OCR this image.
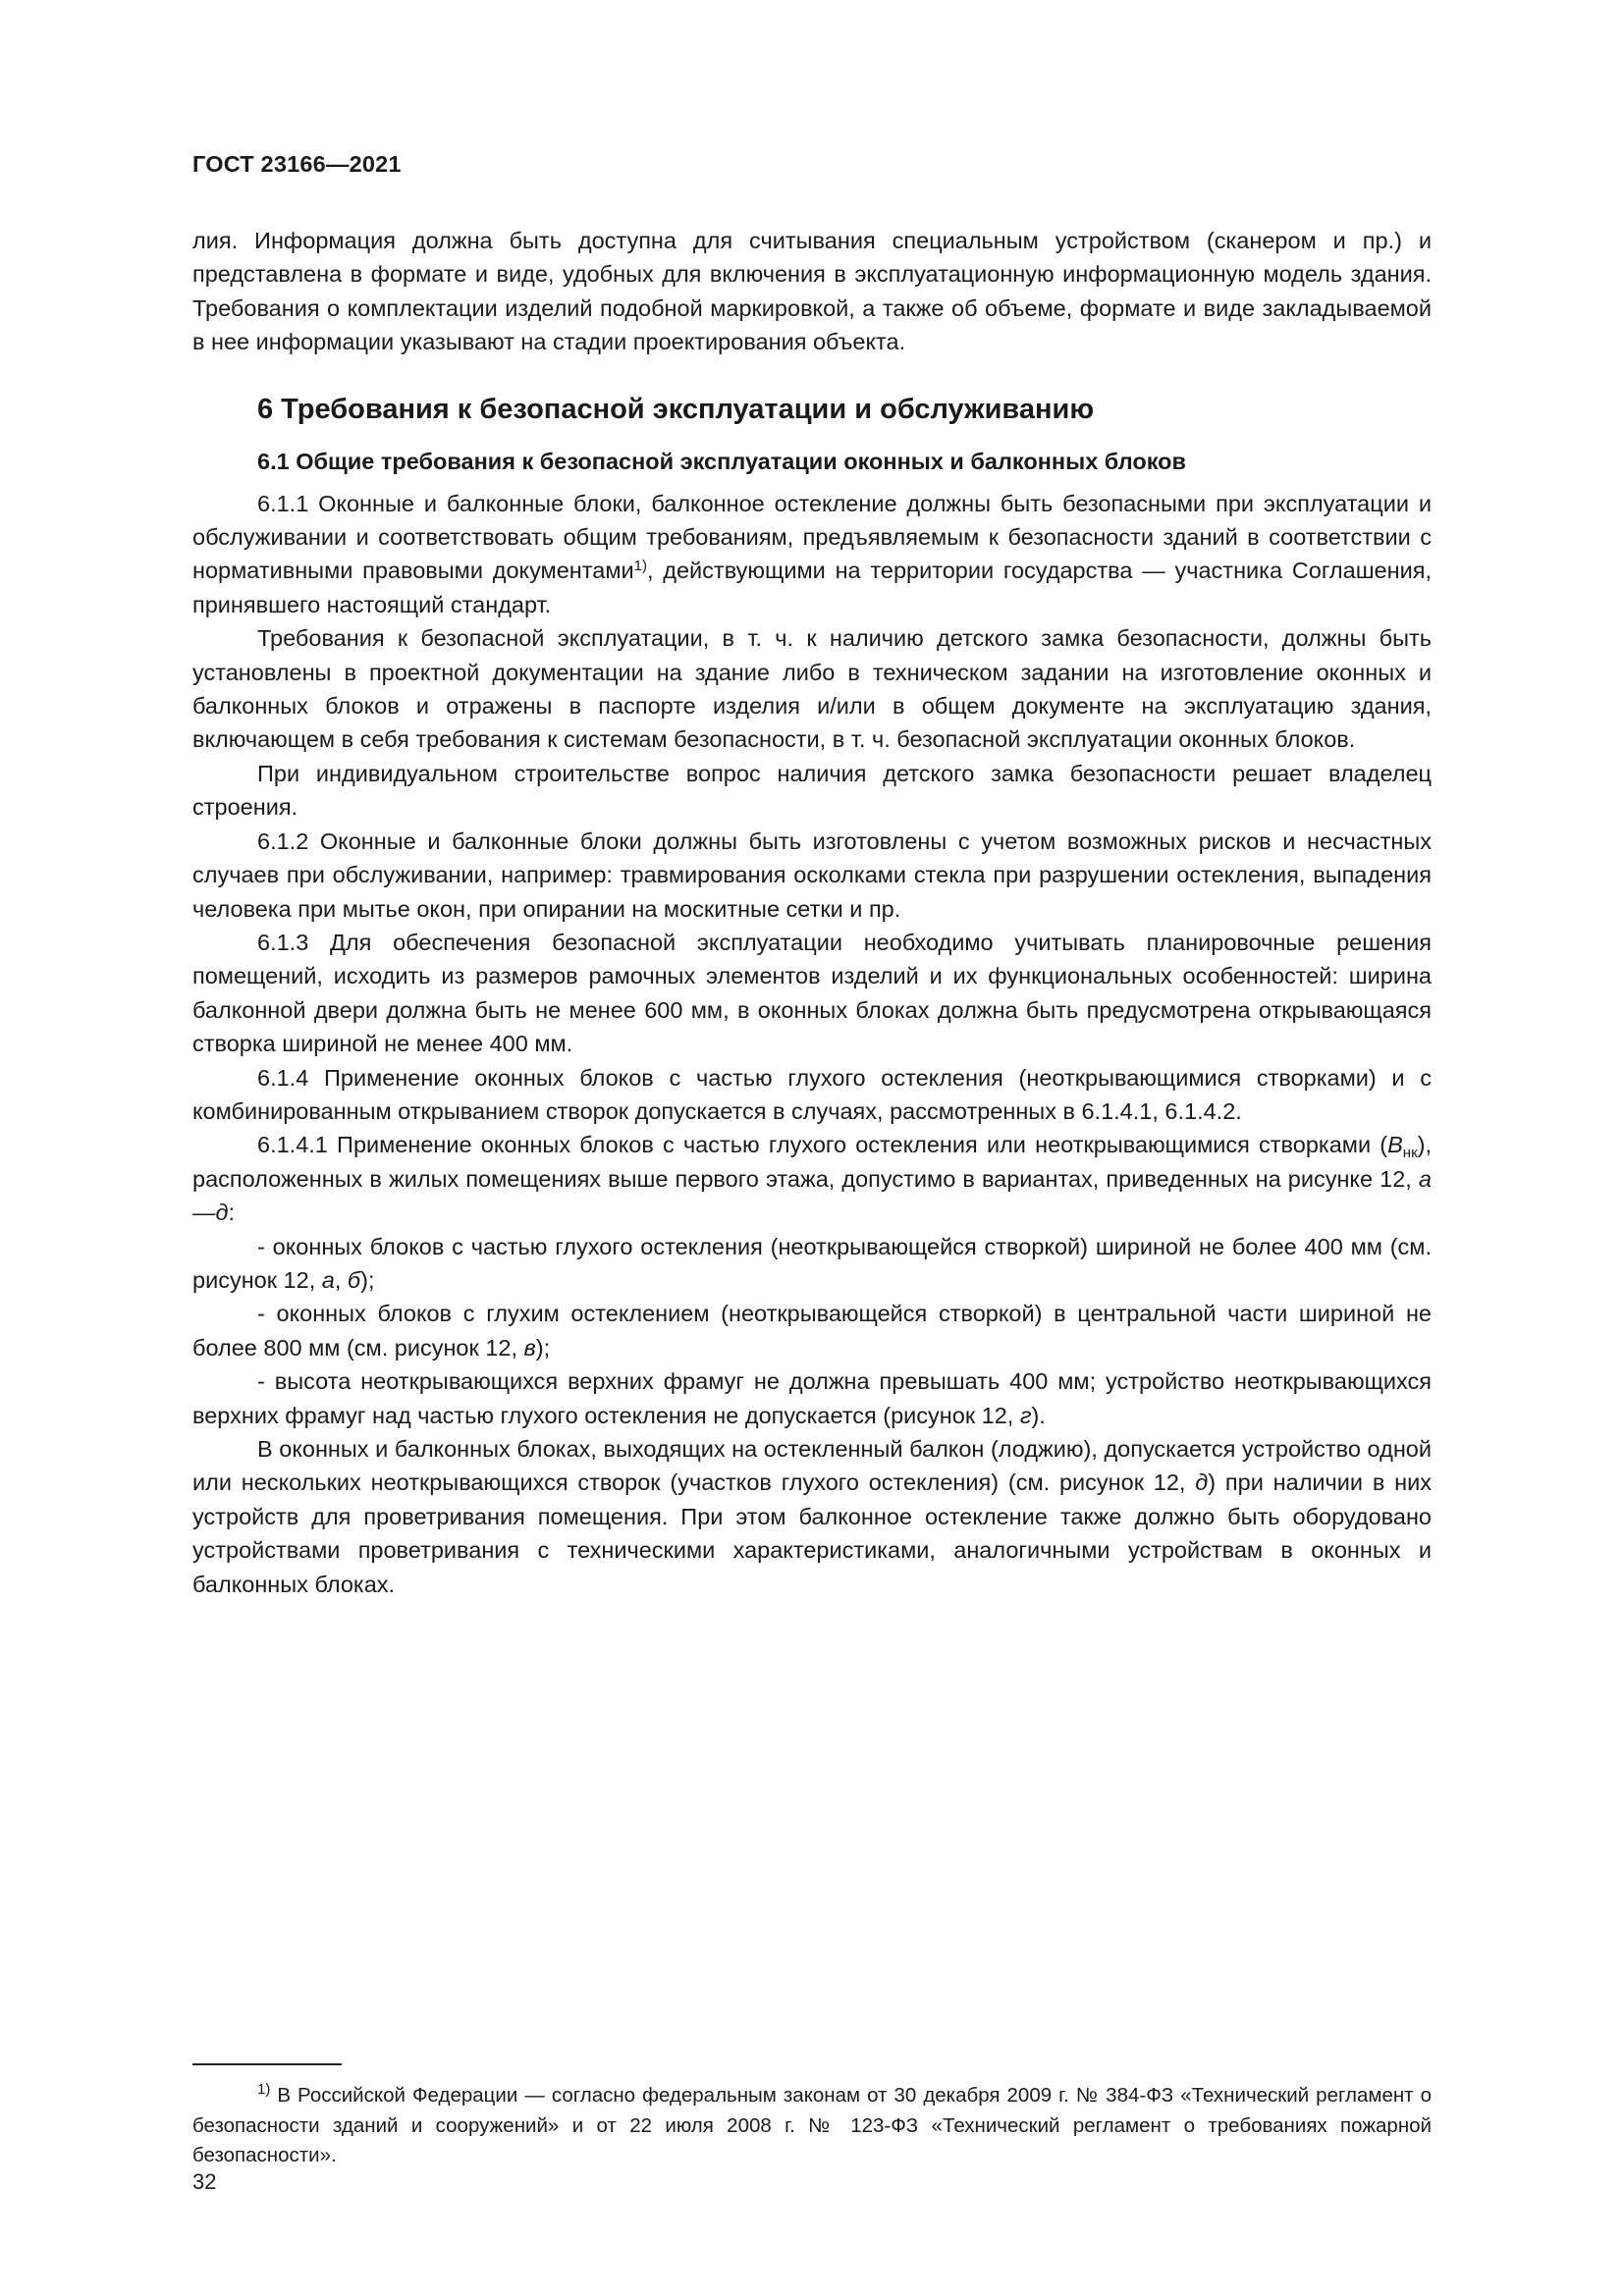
ГОСТ 23166—2021

лия. Информация должна быть доступна для считывания специальным устройством (сканером и пр.) и представлена в формате и виде, удобных для включения в эксплуатационную информационную модель здания. Требования о комплектации изделий подобной маркировкой, а также об объеме, формате и виде закладываемой в нее информации указывают на стадии проектирования объекта.

6 Требования к безопасной эксплуатации и обслуживанию
6.1 Общие требования к безопасной эксплуатации оконных и балконных блоков

6.1.1 Оконные и балконные блоки, балконное остекление должны быть безопасными при эксплуатации и обслуживании и соответствовать общим требованиям, предъявляемым к безопасности зданий в соответствии с нормативными правовыми документами$^{1)}$, действующими на территории государства — участника Соглашения, принявшего настоящий стандарт.

Требования к безопасной эксплуатации, в т. ч. к наличию детского замка безопасности, должны быть установлены в проектной документации на здание либо в техническом задании на изготовление оконных и балконных блоков и отражены в паспорте изделия и/или в общем документе на эксплуатацию здания, включающем в себя требования к системам безопасности, в т. ч. безопасной эксплуатации оконных блоков.

При индивидуальном строительстве вопрос наличия детского замка безопасности решает владелец строения.

6.1.2 Оконные и балконные блоки должны быть изготовлены с учетом возможных рисков и несчастных случаев при обслуживании, например: травмирования осколками стекла при разрушении остекления, выпадения человека при мытье окон, при опирании на москитные сетки и пр.

6.1.3 Для обеспечения безопасной эксплуатации необходимо учитывать планировочные решения помещений, исходить из размеров рамочных элементов изделий и их функциональных особенностей: ширина балконной двери должна быть не менее 600 мм, в оконных блоках должна быть предусмотрена открывающаяся створка шириной не менее 400 мм.

6.1.4 Применение оконных блоков с частью глухого остекления (неоткрывающимися створками) и с комбинированным открыванием створок допускается в случаях, рассмотренных в 6.1.4.1, 6.1.4.2.

6.1.4.1 Применение оконных блоков с частью глухого остекления или неоткрывающимися створками $(В_{нк})$, расположенных в жилых помещениях выше первого этажа, допустимо в вариантах, приведенных на рисунке 12, а—д:

- оконных блоков с частью глухого остекления (неоткрывающейся створкой) шириной не более 400 мм (см. рисунок 12, а, б);

- оконных блоков с глухим остеклением (неоткрывающейся створкой) в центральной части шириной не более 800 мм (см. рисунок 12, в);

- высота неоткрывающихся верхних фрамуг не должна превышать 400 мм; устройство неоткрывающихся верхних фрамуг над частью глухого остекления не допускается (рисунок 12, г).

В оконных и балконных блоках, выходящих на остекленный балкон (лоджию), допускается устройство одной или нескольких неоткрывающихся створок (участков глухого остекления) (см. рисунок 12, д) при наличии в них устройств для проветривания помещения. При этом балконное остекление также должно быть оборудовано устройствами проветривания с техническими характеристиками, аналогичными устройствам в оконных и балконных блоках.

$^{1)}$ В Российской Федерации — согласно федеральным законам от 30 декабря 2009 г. № 384-ФЗ «Технический регламент о безопасности зданий и сооружений» и от 22 июля 2008 г. № 123-ФЗ «Технический регламент о требованиях пожарной безопасности».

32
